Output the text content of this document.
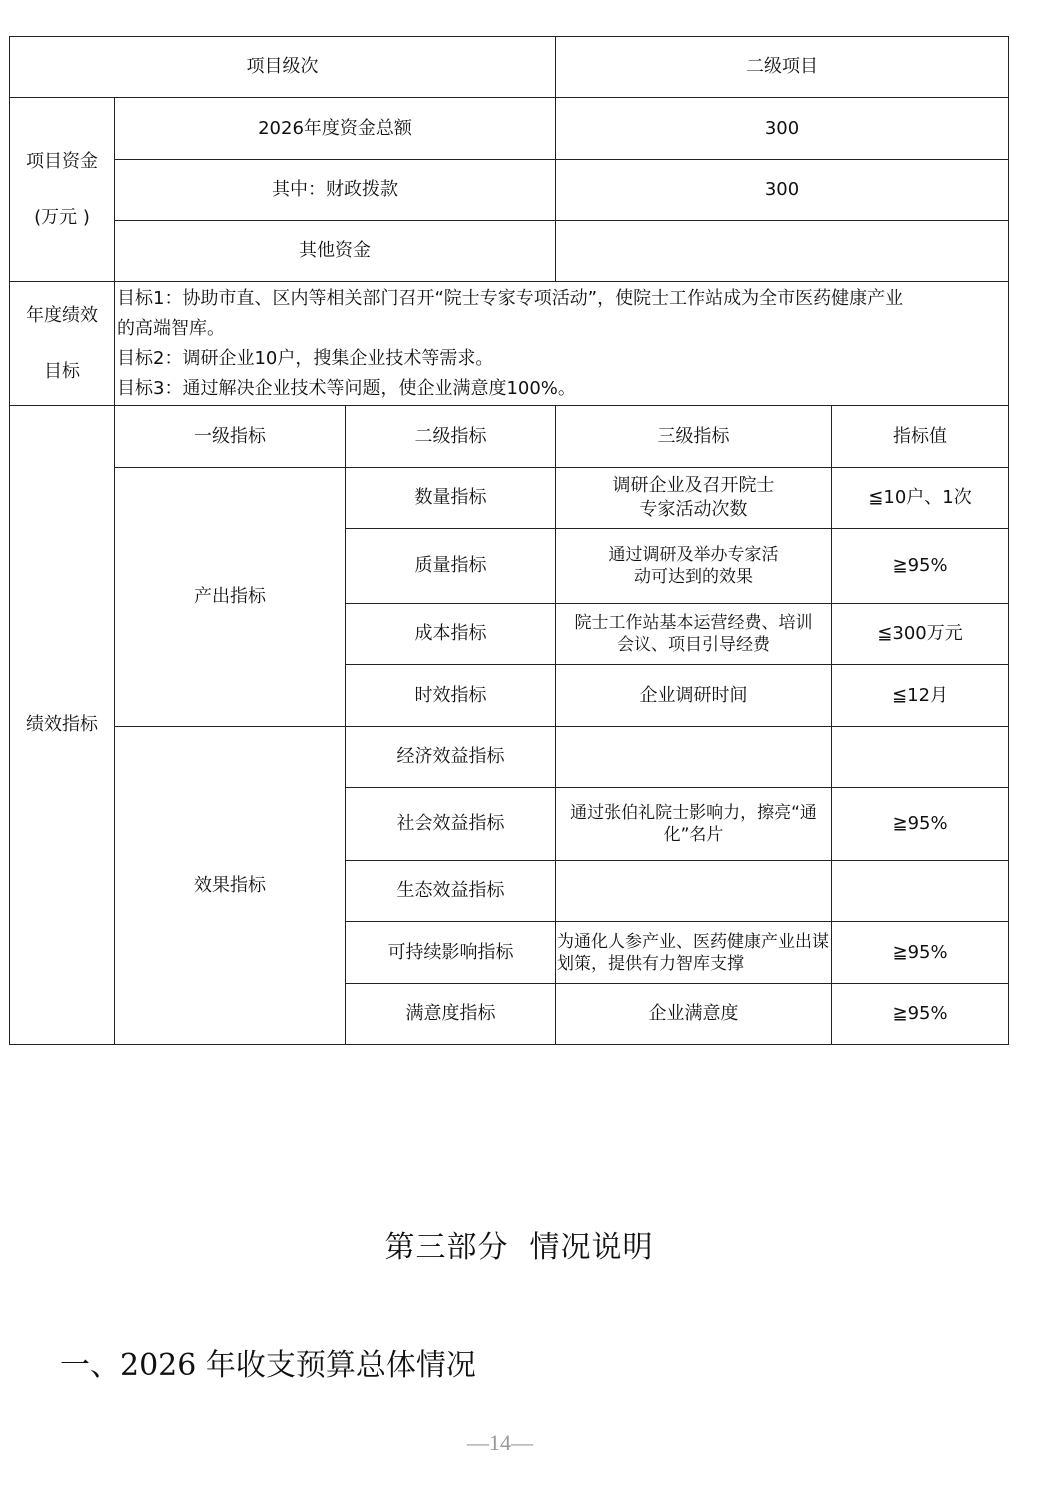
项目级次			二级项目	

项目资金
(万元 )	2026年度资金总额		300	
	其中：财政拨款		300	
	其他资金			

年度绩效
目标	目标1：协助市直、区内等相关部门召开“院士专家专项活动”，使院士工作站成为全市医药健康产业
的高端智库。
目标2：调研企业10户，搜集企业技术等需求。
目标3：通过解决企业技术等问题，使企业满意度100%。			

绩效指标	一级指标	二级指标	三级指标	指标值
	产出指标	数量指标	调研企业及召开院士专家活动次数	≦10户、1次
		质量指标	通过调研及举办专家活动可达到的效果	≧95%
		成本指标	院士工作站基本运营经费、培训会议、项目引导经费	≦300万元
		时效指标	企业调研时间	≦12月
	效果指标	经济效益指标		
		社会效益指标	通过张伯礼院士影响力，擦亮“通化”名片	≧95%
		生态效益指标		
		可持续影响指标	为通化人参产业、医药健康产业出谋划策，提供有力智库支撑	≧95%
		满意度指标	企业满意度	≧95%
第三部分  情况说明
一、2026 年收支预算总体情况
—14—
